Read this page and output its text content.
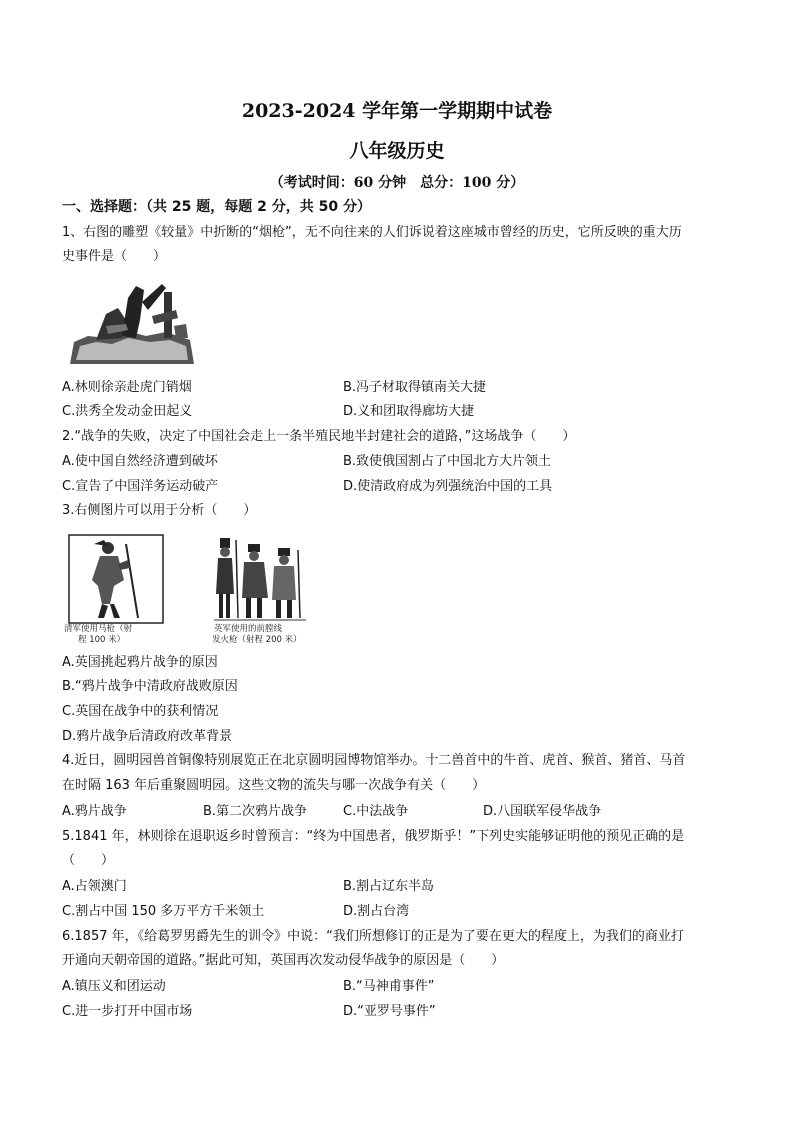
2023-2024 学年第一学期期中试卷
八年级历史
（考试时间：60 分钟　总分：100 分）
一、选择题：（共 25 题，每题 2 分，共 50 分）
1、右图的雕塑《较量》中折断的“烟枪”，无不向往来的人们诉说着这座城市曾经的历史，它所反映的重大历
史事件是（　　）
A.林则徐亲赴虎门销烟	B.冯子材取得镇南关大捷
C.洪秀全发动金田起义	D.义和团取得廊坊大捷
2.“战争的失败，决定了中国社会走上一条半殖民地半封建社会的道路，”这场战争（　　）
A.使中国自然经济遭到破坏	B.致使俄国割占了中国北方大片领土
C.宣告了中国洋务运动破产	D.使清政府成为列强统治中国的工具
3.右侧图片可以用于分析（　　）
清军使用马枪（射
程 100 米）
英军使用的前膛线
发火枪（射程 200 米）
A.英国挑起鸦片战争的原因
B.“鸦片战争中清政府战败原因
C.英国在战争中的获利情况
D.鸦片战争后清政府改革背景
4.近日，圆明园兽首铜像特别展览正在北京圆明园博物馆举办。十二兽首中的牛首、虎首、猴首、猪首、马首
在时隔 163 年后重聚圆明园。这些文物的流失与哪一次战争有关（　　）
A.鸦片战争	B.第二次鸦片战争	C.中法战争	D.八国联军侵华战争
5.1841 年，林则徐在退职返乡时曾预言：“终为中国患者，俄罗斯乎！”下列史实能够证明他的预见正确的是
（　　）
A.占领澳门	B.割占辽东半岛
C.割占中国 150 多万平方千米领土	D.割占台湾
6.1857 年，《给葛罗男爵先生的训令》中说：“我们所想修订的正是为了要在更大的程度上，为我们的商业打
开通向天朝帝国的道路。”据此可知，英国再次发动侵华战争的原因是（　　）
A.镇压义和团运动	B.“马神甫事件”
C.进一步打开中国市场	D.“亚罗号事件”
